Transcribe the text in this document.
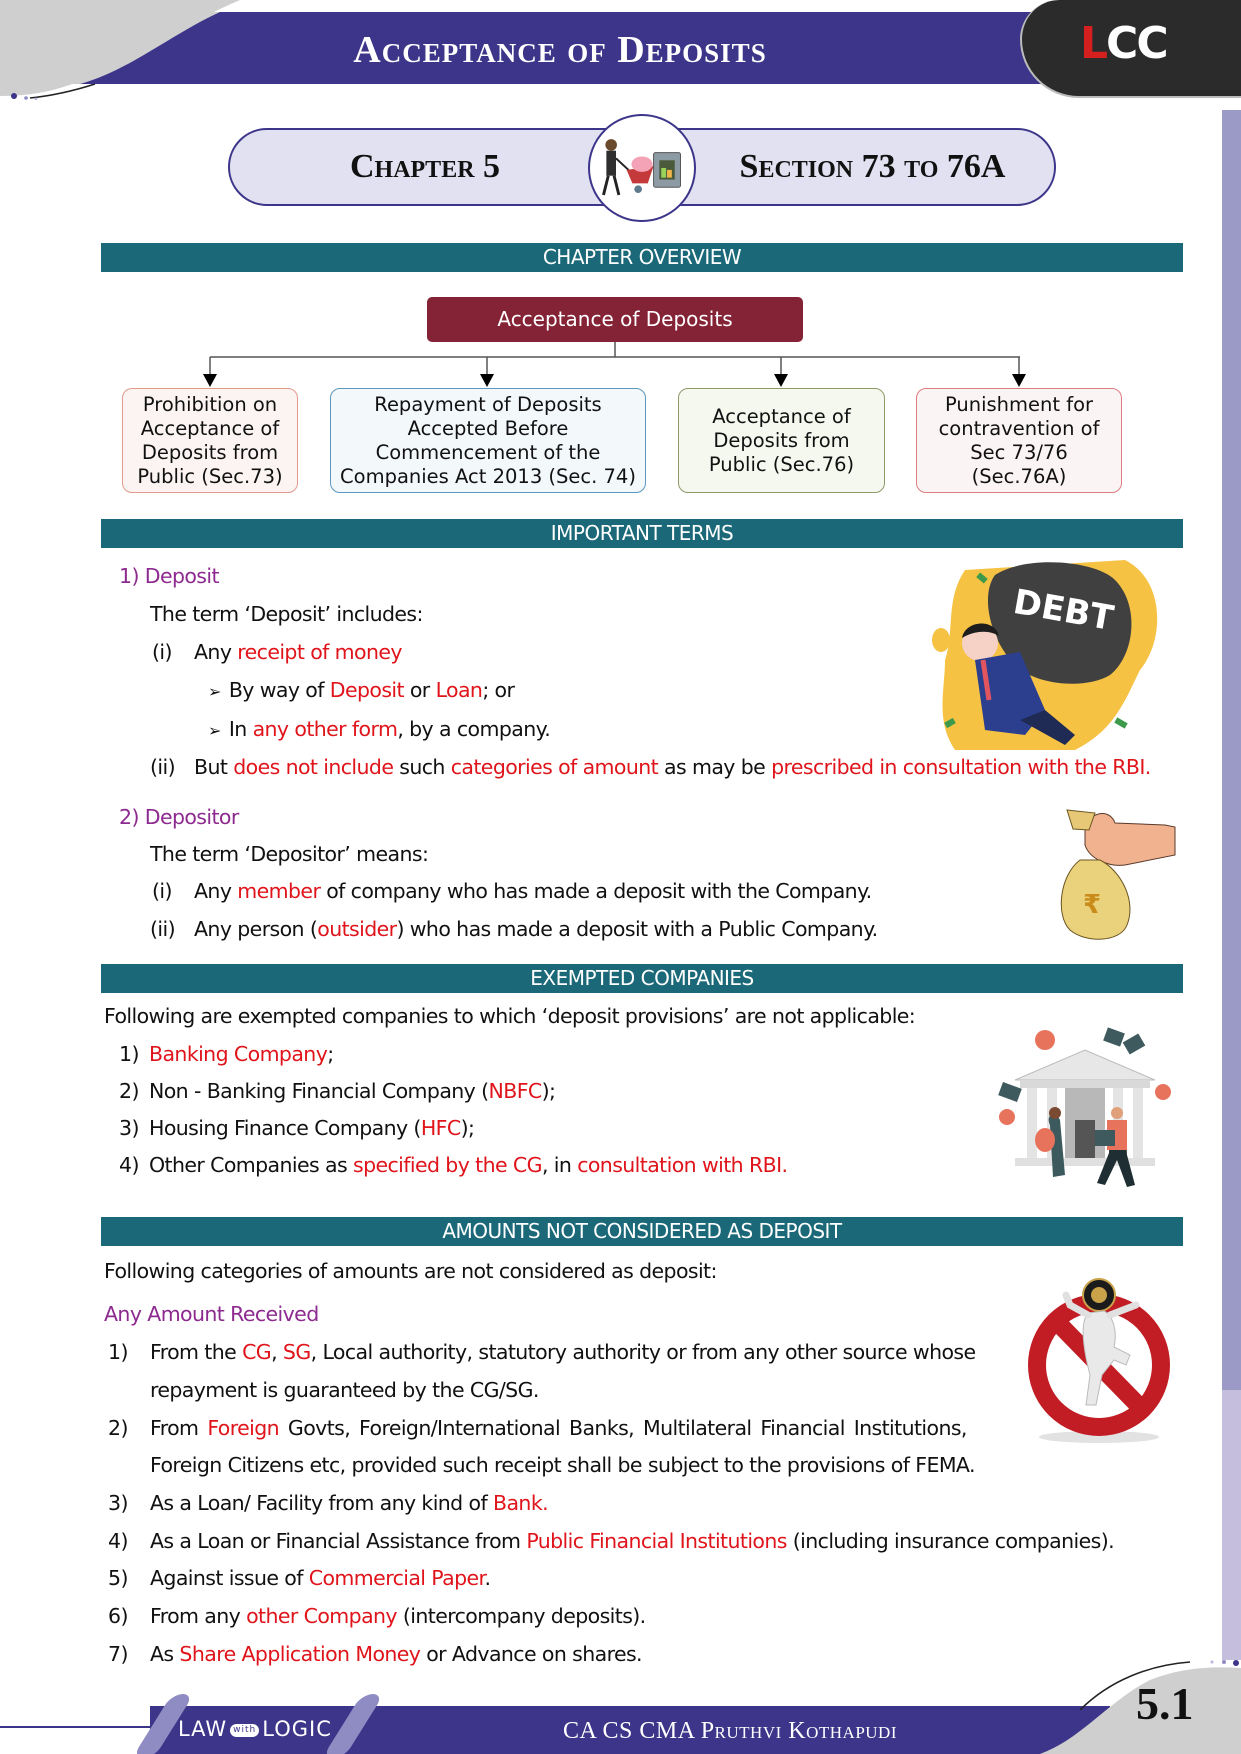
Acceptance of Deposits	LCC
Chapter 5	Section 73 to 76A
CHAPTER OVERVIEW
Acceptance of Deposits
Prohibition on
Acceptance of
Deposits from
Public (Sec.73)
Repayment of Deposits
Accepted Before
Commencement of the
Companies Act 2013 (Sec. 74)
Acceptance of
Deposits from
Public (Sec.76)
Punishment for
contravention of
Sec 73/76
(Sec.76A)
IMPORTANT TERMS
1) Deposit
The term ‘Deposit’ includes:
(i) Any receipt of money
➢ By way of Deposit or Loan; or
➢ In any other form, by a company.
(ii) But does not include such categories of amount as may be prescribed in consultation with the RBI.
DEBT
2) Depositor
The term ‘Depositor’ means:
(i) Any member of company who has made a deposit with the Company.
(ii) Any person (outsider) who has made a deposit with a Public Company.
₹
EXEMPTED COMPANIES
Following are exempted companies to which ‘deposit provisions’ are not applicable:
1) Banking Company;
2) Non - Banking Financial Company (NBFC);
3) Housing Finance Company (HFC);
4) Other Companies as specified by the CG, in consultation with RBI.
AMOUNTS NOT CONSIDERED AS DEPOSIT
Following categories of amounts are not considered as deposit:
Any Amount Received
1) From the CG, SG, Local authority, statutory authority or from any other source whose
repayment is guaranteed by the CG/SG.
2) From Foreign Govts, Foreign/International Banks, Multilateral Financial Institutions,
Foreign Citizens etc, provided such receipt shall be subject to the provisions of FEMA.
3) As a Loan/ Facility from any kind of Bank.
4) As a Loan or Financial Assistance from Public Financial Institutions (including insurance companies).
5) Against issue of Commercial Paper.
6) From any other Company (intercompany deposits).
7) As Share Application Money or Advance on shares.
LAW with LOGIC	CA CS CMA Pruthvi Kothapudi
5.1
